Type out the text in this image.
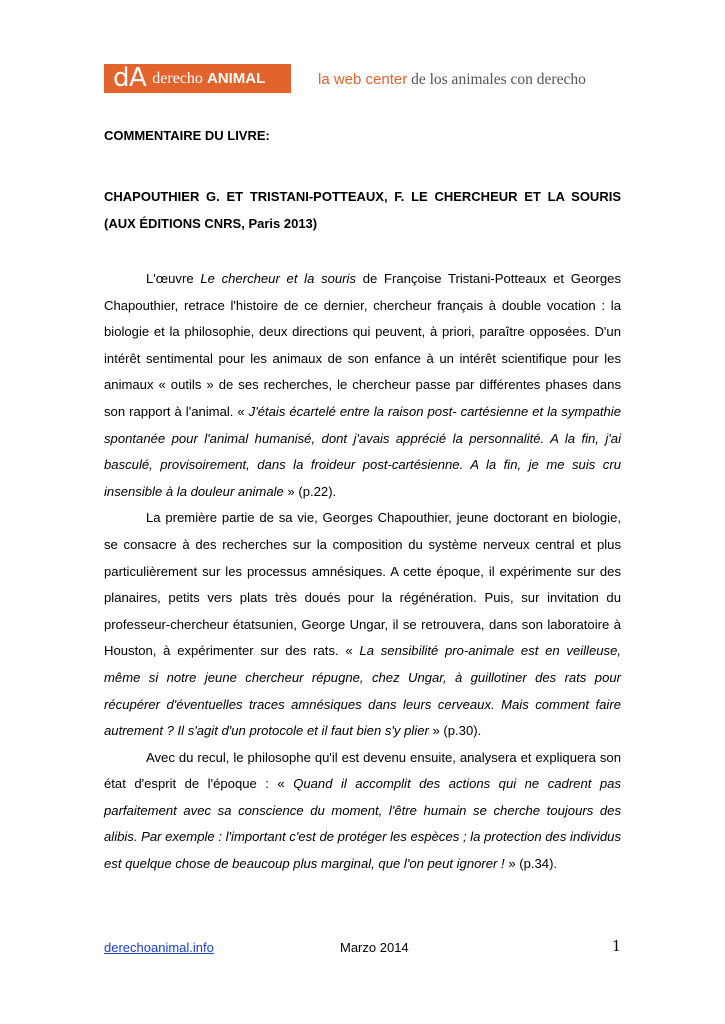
dA derecho ANIMAL	la web center de los animales con derecho

COMMENTAIRE DU LIVRE:

CHAPOUTHIER G. ET TRISTANI-POTTEAUX, F. LE CHERCHEUR ET LA SOURIS (AUX ÉDITIONS CNRS, Paris 2013)

L'œuvre Le chercheur et la souris de Françoise Tristani-Potteaux et Georges Chapouthier, retrace l'histoire de ce dernier, chercheur français à double vocation : la biologie et la philosophie, deux directions qui peuvent, à priori, paraître opposées. D'un intérêt sentimental pour les animaux de son enfance à un intérêt scientifique pour les animaux « outils » de ses recherches, le chercheur passe par différentes phases dans son rapport à l'animal. « J'étais écartelé entre la raison post- cartésienne et la sympathie spontanée pour l'animal humanisé, dont j'avais apprécié la personnalité. A la fin, j'ai basculé, provisoirement, dans la froideur post-cartésienne. A la fin, je me suis cru insensible à la douleur animale » (p.22).

La première partie de sa vie, Georges Chapouthier, jeune doctorant en biologie, se consacre à des recherches sur la composition du système nerveux central et plus particulièrement sur les processus amnésiques. A cette époque, il expérimente sur des planaires, petits vers plats très doués pour la régénération. Puis, sur invitation du professeur-chercheur étatsunien, George Ungar, il se retrouvera, dans son laboratoire à Houston, à expérimenter sur des rats. « La sensibilité pro-animale est en veilleuse, même si notre jeune chercheur répugne, chez Ungar, à guillotiner des rats pour récupérer d'éventuelles traces amnésiques dans leurs cerveaux. Mais comment faire autrement ? Il s'agit d'un protocole et il faut bien s'y plier » (p.30).

Avec du recul, le philosophe qu'il est devenu ensuite, analysera et expliquera son état d'esprit de l'époque : « Quand il accomplit des actions qui ne cadrent pas parfaitement avec sa conscience du moment, l'être humain se cherche toujours des alibis. Par exemple : l'important c'est de protéger les espèces ; la protection des individus est quelque chose de beaucoup plus marginal, que l'on peut ignorer ! » (p.34).

derechoanimal.info	Marzo 2014	1
